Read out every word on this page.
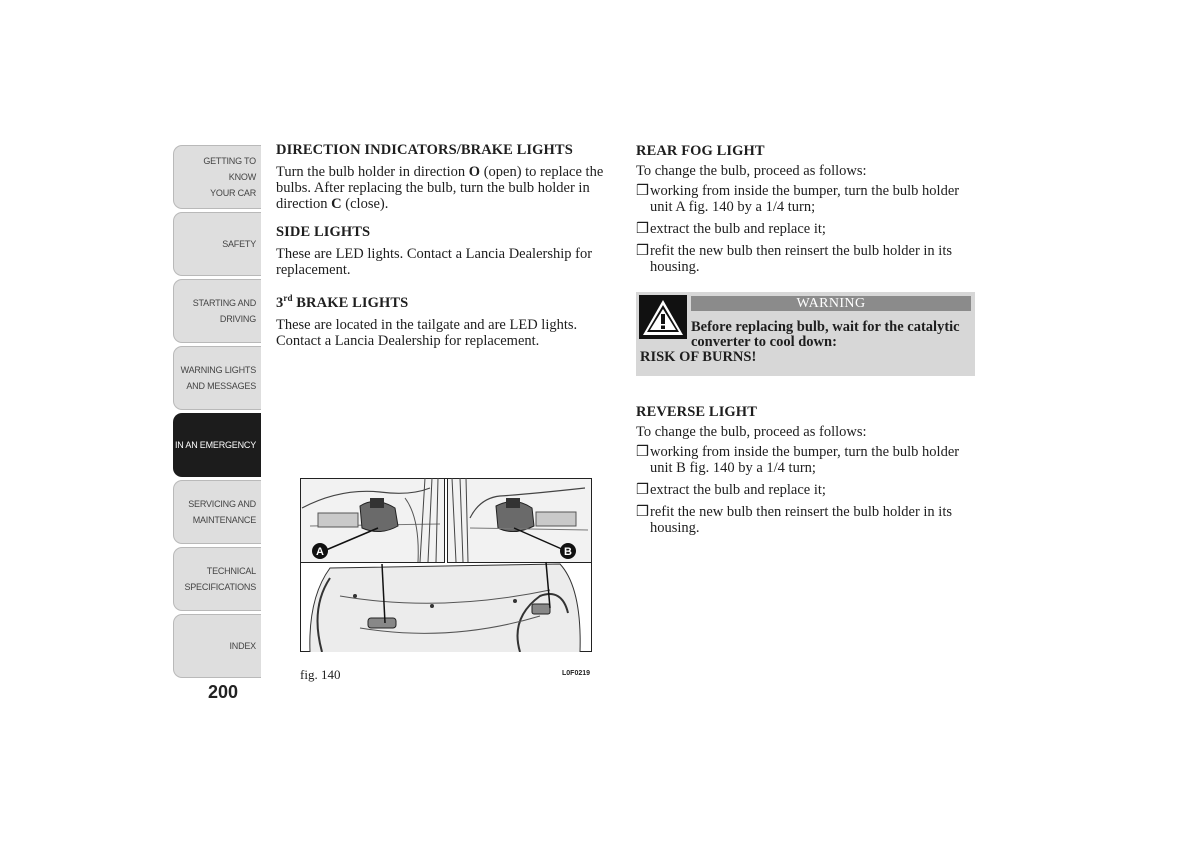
GETTING TO KNOW
YOUR CAR
SAFETY
STARTING AND
DRIVING
WARNING LIGHTS
AND MESSAGES
IN AN EMERGENCY
SERVICING AND
MAINTENANCE
TECHNICAL
SPECIFICATIONS
INDEX
200
DIRECTION INDICATORS/BRAKE LIGHTS

Turn the bulb holder in direction O (open) to replace the bulbs. After replacing the bulb, turn the bulb holder in direction C (close).

SIDE LIGHTS

These are LED lights. Contact a Lancia Dealership for replacement.

3rd BRAKE LIGHTS

These are located in the tailgate and are LED lights. Contact a Lancia Dealership for replacement.

REAR FOG LIGHT
To change the bulb, proceed as follows:
❒ working from inside the bumper, turn the bulb holder unit A fig. 140 by a 1/4 turn;
❒ extract the bulb and replace it;
❒ refit the new bulb then reinsert the bulb holder in its housing.
WARNING
Before replacing bulb, wait for the catalytic converter to cool down:
RISK OF BURNS!
REVERSE LIGHT
To change the bulb, proceed as follows:
❒ working from inside the bumper, turn the bulb holder unit B fig. 140 by a 1/4 turn;
❒ extract the bulb and replace it;
❒ refit the new bulb then reinsert the bulb holder in its housing.
A	B
fig. 140	L0F0219
